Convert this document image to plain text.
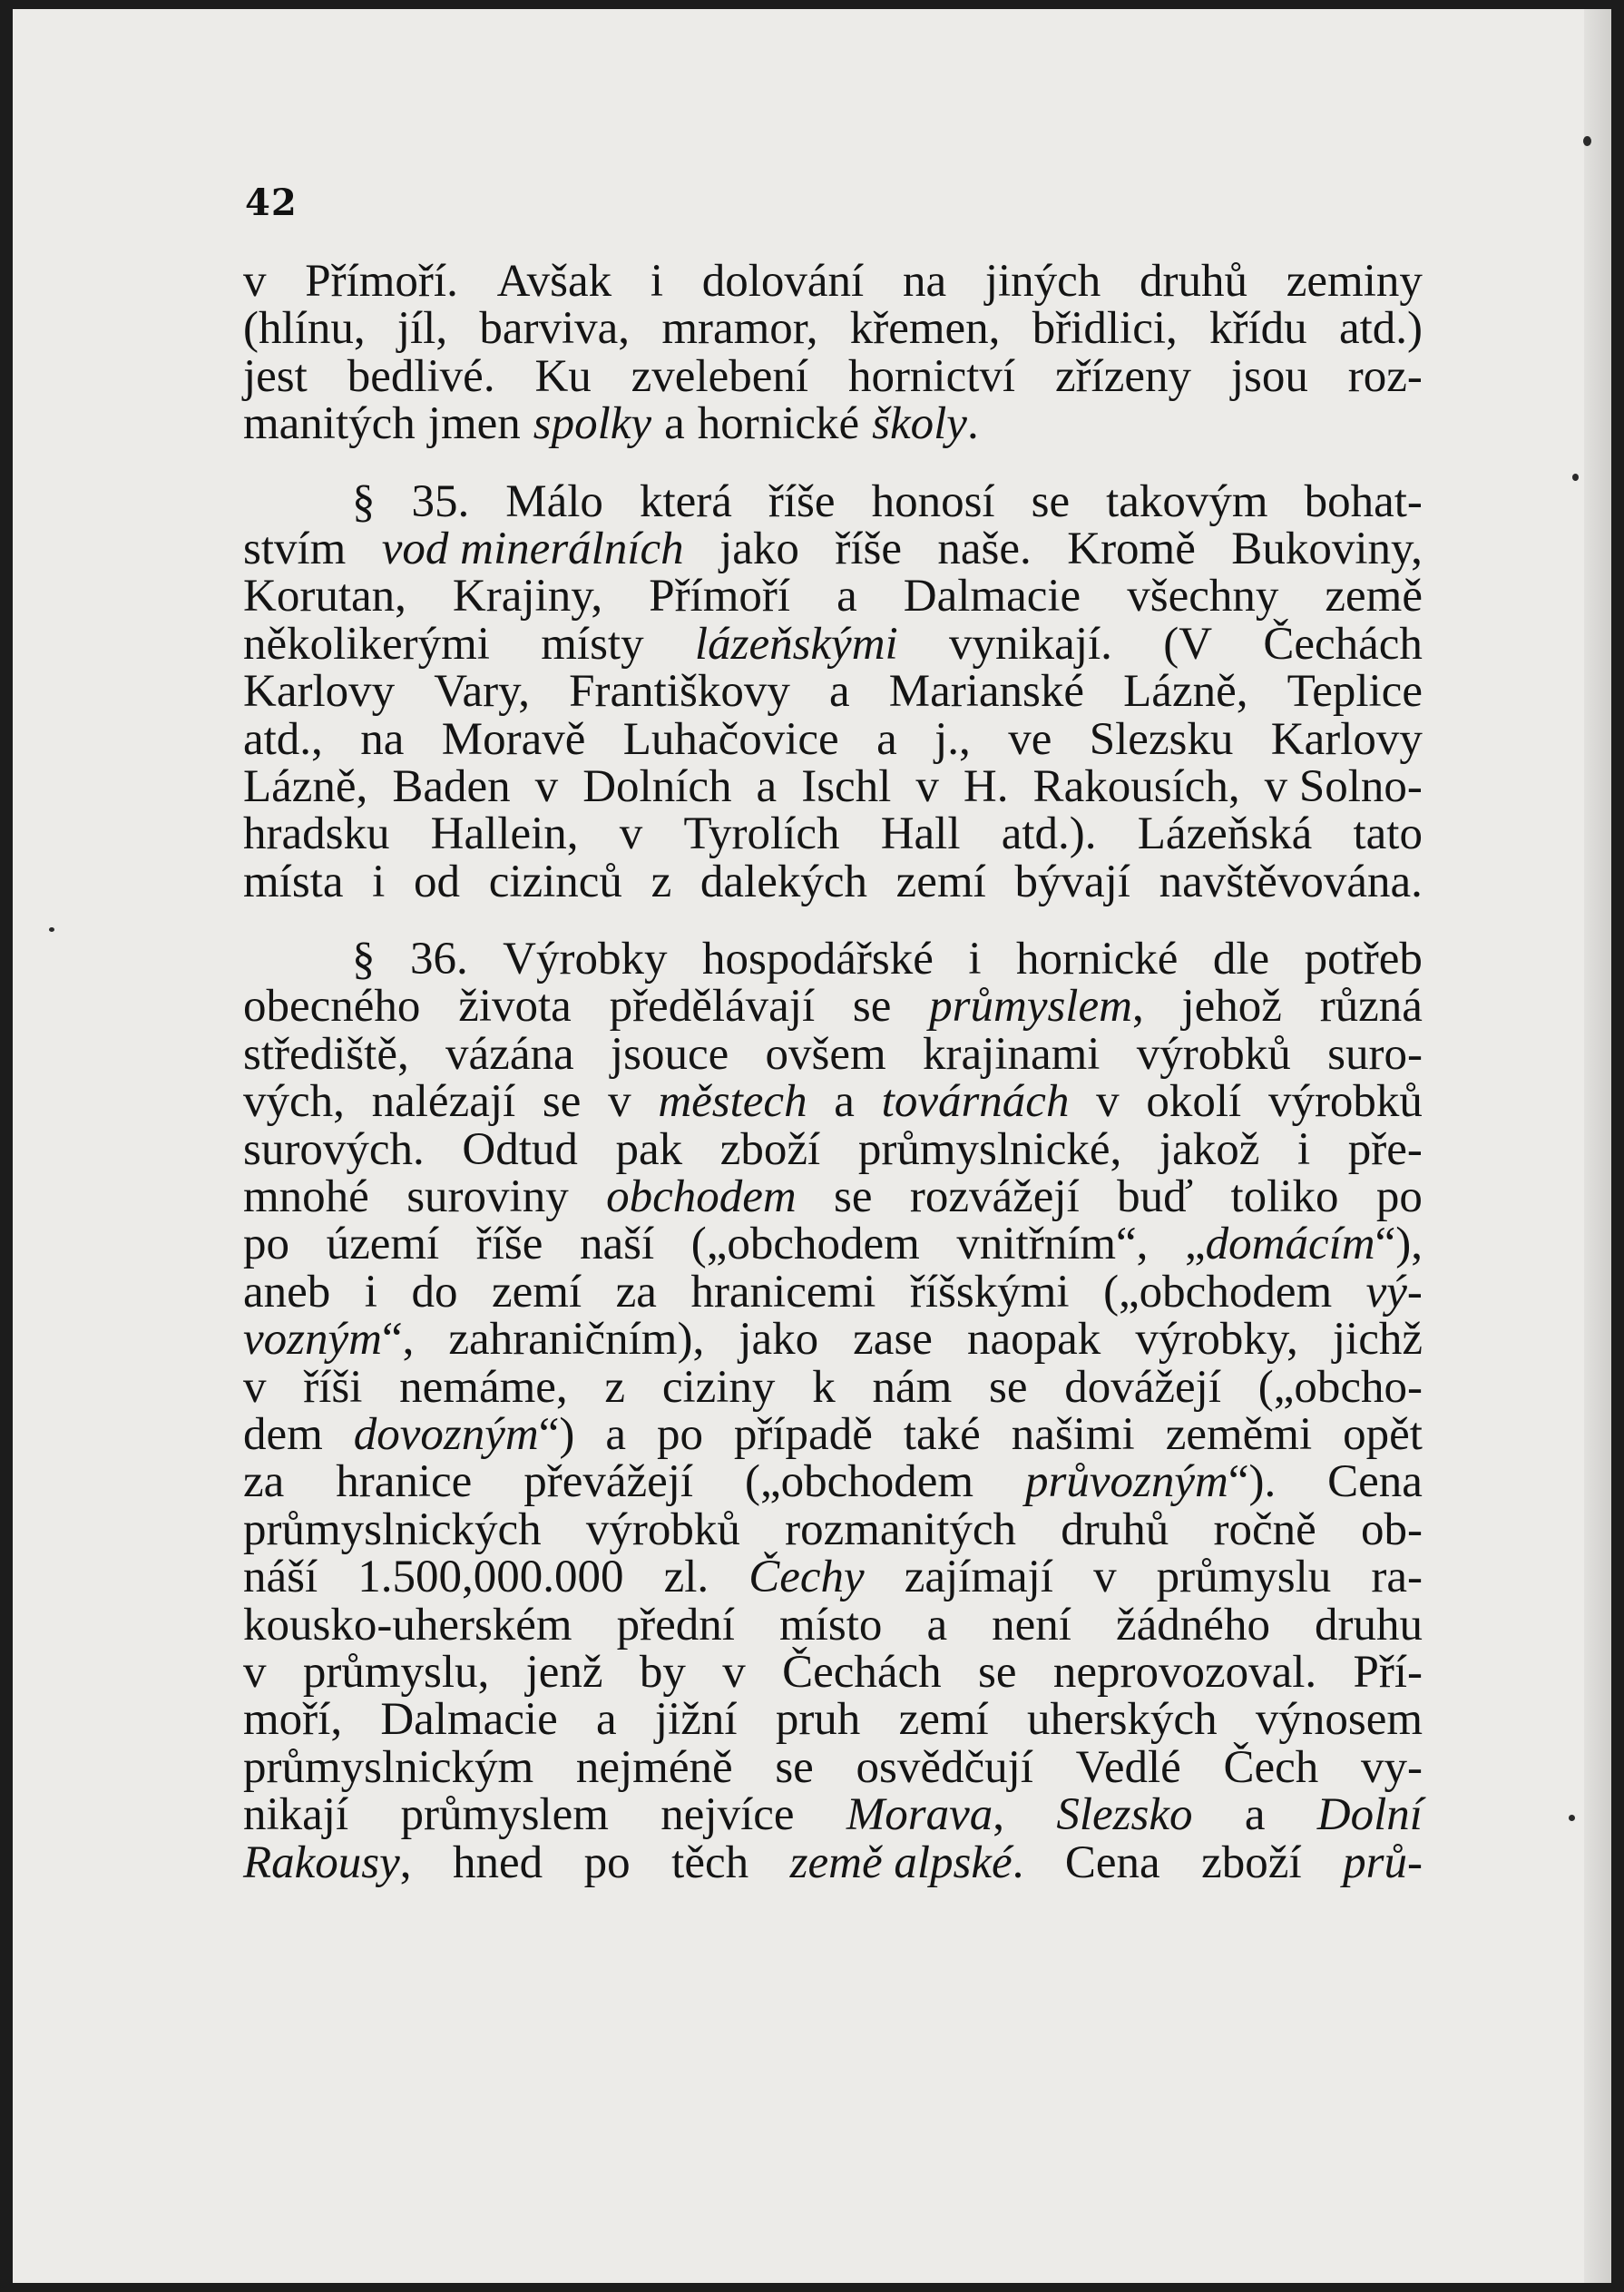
42
v Přímoří. Avšak i dolování na jiných druhů zeminy
(hlínu, jíl, barviva, mramor, křemen, břidlici, křídu atd.)
jest bedlivé. Ku zvelebení hornictví zřízeny jsou roz-
manitých jmen spolky a hornické školy.
§ 35. Málo která říše honosí se takovým bohat-
stvím vod minerálních jako říše naše. Kromě Bukoviny,
Korutan, Krajiny, Přímoří a Dalmacie všechny země
několikerými místy lázeňskými vynikají. (V Čechách
Karlovy Vary, Františkovy a Marianské Lázně, Teplice
atd., na Moravě Luhačovice a j., ve Slezsku Karlovy
Lázně, Baden v Dolních a Ischl v H. Rakousích, v Solno-
hradsku Hallein, v Tyrolích Hall atd.). Lázeňská tato
místa i od cizinců z dalekých zemí bývají navštěvována.
§ 36. Výrobky hospodářské i hornické dle potřeb
obecného života předělávají se průmyslem, jehož různá
střediště, vázána jsouce ovšem krajinami výrobků suro-
vých, nalézají se v městech a továrnách v okolí výrobků
surových. Odtud pak zboží průmyslnické, jakož i pře-
mnohé suroviny obchodem se rozvážejí buď toliko po
po území říše naší („obchodem vnitřním“, „domácím“),
aneb i do zemí za hranicemi říšskými („obchodem vý-
vozným“, zahraničním), jako zase naopak výrobky, jichž
v říši nemáme, z ciziny k nám se dovážejí („obcho-
dem dovozným“) a po případě také našimi zeměmi opět
za hranice převážejí („obchodem průvozným“). Cena
průmyslnických výrobků rozmanitých druhů ročně ob-
náší 1.500,000.000 zl. Čechy zajímají v průmyslu ra-
kousko-uherském přední místo a není žádného druhu
v průmyslu, jenž by v Čechách se neprovozoval. Pří-
moří, Dalmacie a jižní pruh zemí uherských výnosem
průmyslnickým nejméně se osvědčují Vedlé Čech vy-
nikají průmyslem nejvíce Morava, Slezsko a Dolní
Rakousy, hned po těch země alpské. Cena zboží prů-
